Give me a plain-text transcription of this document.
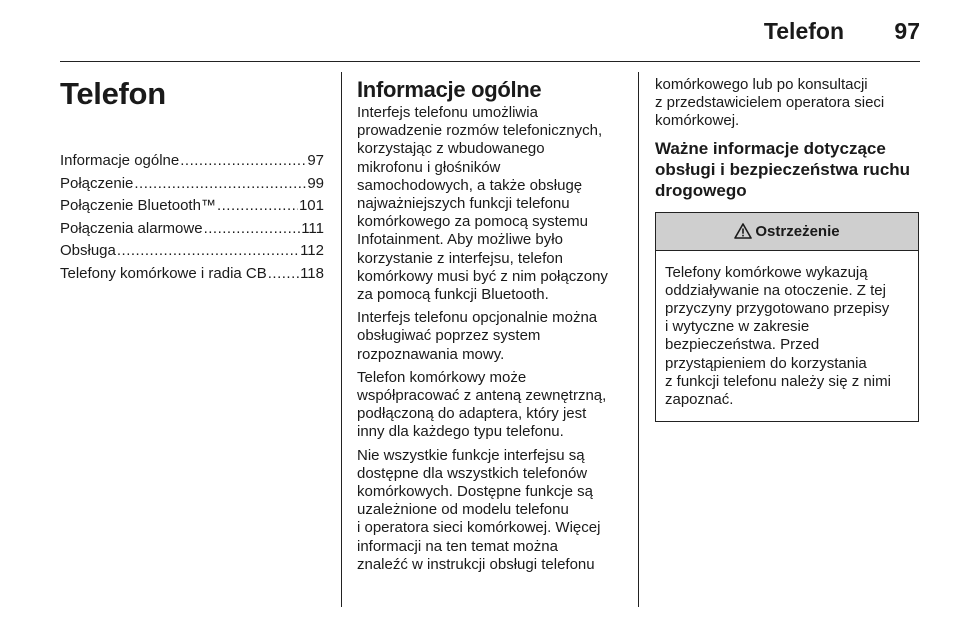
Telefon 97
Telefon
Informacje ogólne .....	97
Połączenie .....	99
Połączenie Bluetooth™ .....	101
Połączenia alarmowe .....	111
Obsługa .....	112
Telefony komórkowe i radia CB ..... 118
Informacje ogólne
Interfejs telefonu umożliwia
prowadzenie rozmów telefonicznych,
korzystając z wbudowanego
mikrofonu i głośników
samochodowych, a także obsługę
najważniejszych funkcji telefonu
komórkowego za pomocą systemu
Infotainment. Aby możliwe było
korzystanie z interfejsu, telefon
komórkowy musi być z nim połączony
za pomocą funkcji Bluetooth.
Interfejs telefonu opcjonalnie można
obsługiwać poprzez system
rozpoznawania mowy.
Telefon komórkowy może
współpracować z anteną zewnętrzną,
podłączoną do adaptera, który jest
inny dla każdego typu telefonu.
Nie wszystkie funkcje interfejsu są
dostępne dla wszystkich telefonów
komórkowych. Dostępne funkcje są
uzależnione od modelu telefonu
i operatora sieci komórkowej. Więcej
informacji na ten temat można
znaleźć w instrukcji obsługi telefonu
komórkowego lub po konsultacji
z przedstawicielem operatora sieci
komórkowej.
Ważne informacje dotyczące
obsługi i bezpieczeństwa ruchu
drogowego
Ostrzeżenie
Telefony komórkowe wykazują
oddziaływanie na otoczenie. Z tej
przyczyny przygotowano przepisy
i wytyczne w zakresie
bezpieczeństwa. Przed
przystąpieniem do korzystania
z funkcji telefonu należy się z nimi
zapoznać.
